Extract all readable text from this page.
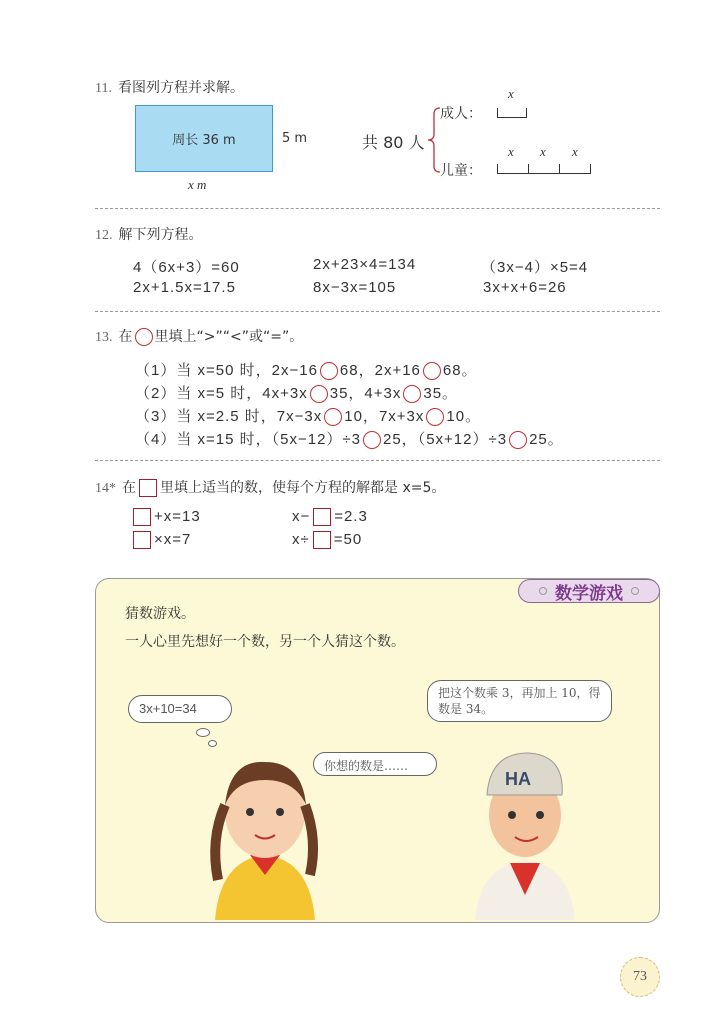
11. 看图列方程并求解。
周长 36 m	5 m
x m
共 80 人
成人：
儿童：
x
x x x
12. 解下列方程。
4（6x+3）=60	2x+23×4=134	（3x−4）×5=4
2x+1.5x=17.5	8x−3x=105	3x+x+6=26
13. 在 里填上“>”“<”或“=”。
（1）当 x=50 时，2x−16 68，2x+16 68。
（2）当 x=5 时，4x+3x 35，4+3x 35。
（3）当 x=2.5 时，7x−3x 10，7x+3x 10。
（4）当 x=15 时，（5x−12）÷3 25，（5x+12）÷3 25。
14* 在 里填上适当的数，使每个方程的解都是 x=5。
+x=13	x− =2.3
×x=7	x÷ =50
数学游戏
猜数游戏。
一人心里先想好一个数，另一个人猜这个数。
3x+10=34
把这个数乘 3，再加上 10，得数是 34。
你想的数是……
HA
73
